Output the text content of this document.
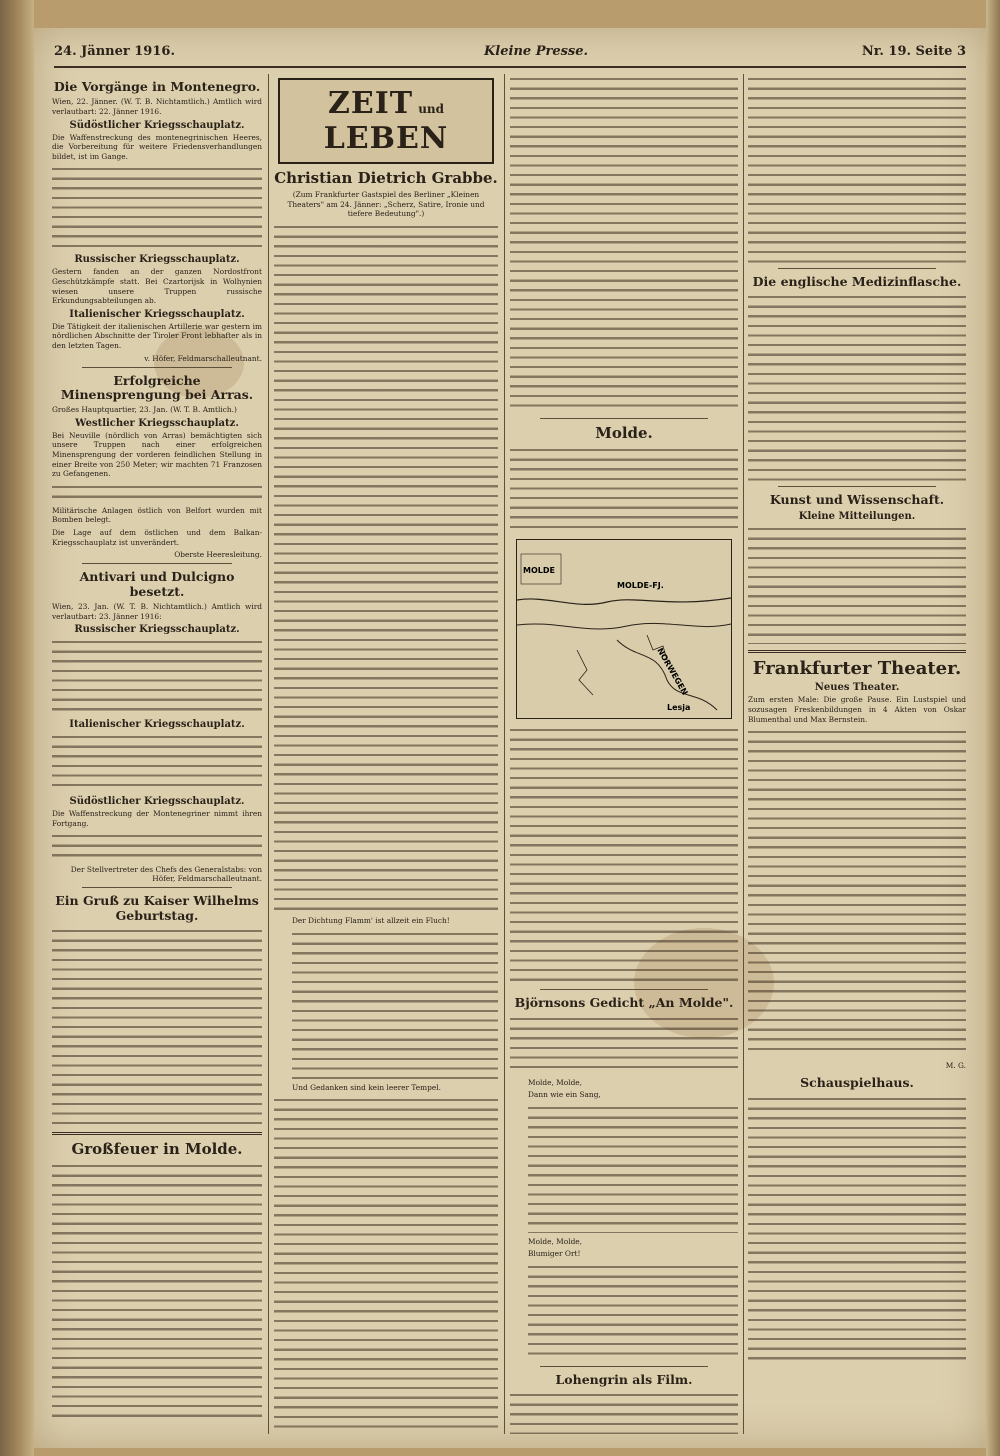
24. Jänner 1916.	Kleine Presse.	Nr. 19. Seite 3
Die Vorgänge in Montenegro.

Wien, 22. Jänner. (W. T. B. Nichtamtlich.) Amtlich wird verlautbart: 22. Jänner 1916.

Südöstlicher Kriegsschauplatz.

Die Waffenstreckung des montenegrinischen Heeres, die Vorbereitung für weitere Friedensverhandlungen bildet, ist im Gange.

Russischer Kriegsschauplatz.

Gestern fanden an der ganzen Nordostfront Geschützkämpfe statt. Bei Czartorijsk in Wolhynien wiesen unsere Truppen russische Erkundungsabteilungen ab.

Italienischer Kriegsschauplatz.

Die Tätigkeit der italienischen Artillerie war gestern im nördlichen Abschnitte der Tiroler Front lebhafter als in den letzten Tagen.

v. Höfer, Feldmarschalleutnant.
Erfolgreiche Minensprengung bei Arras.

Großes Hauptquartier, 23. Jan. (W. T. B. Amtlich.)

Westlicher Kriegsschauplatz.

Bei Neuville (nördlich von Arras) bemächtigten sich unsere Truppen nach einer erfolgreichen Minensprengung der vorderen feindlichen Stellung in einer Breite von 250 Meter; wir machten 71 Franzosen zu Gefangenen.

Militärische Anlagen östlich von Belfort wurden mit Bomben belegt.

Die Lage auf dem östlichen und dem Balkan-Kriegsschauplatz ist unverändert.

Oberste Heeresleitung.
Antivari und Dulcigno besetzt.

Wien, 23. Jan. (W. T. B. Nichtamtlich.) Amtlich wird verlautbart: 23. Jänner 1916:

Russischer Kriegsschauplatz.
Italienischer Kriegsschauplatz.
Südöstlicher Kriegsschauplatz.

Die Waffenstreckung der Montenegriner nimmt ihren Fortgang.

Der Stellvertreter des Chefs des Generalstabs: von Höfer, Feldmarschalleutnant.
Ein Gruß zu Kaiser Wilhelms Geburtstag.
Großfeuer in Molde.
ZEIT und LEBEN
Christian Dietrich Grabbe.

(Zum Frankfurter Gastspiel des Berliner „Kleinen Theaters" am 24. Jänner: „Scherz, Satire, Ironie und tiefere Bedeutung".)

Der Dichtung Flamm' ist allzeit ein Fluch!

Und Gedanken sind kein leerer Tempel.

Molde.
MOLDE
MOLDE-FJ.
NORWEGEN
Lesja
Björnsons Gedicht „An Molde".

Molde, Molde,

Dann wie ein Sang,

Molde, Molde,

Blumiger Ort!

Lohengrin als Film.
Die englische Medizinflasche.
Kunst und Wissenschaft.
Kleine Mitteilungen.
Frankfurter Theater.
Neues Theater.

Zum ersten Male: Die große Pause. Ein Lustspiel und sozusagen Freskenbildungen in 4 Akten von Oskar Blumenthal und Max Bernstein.

M. G.
Schauspielhaus.
